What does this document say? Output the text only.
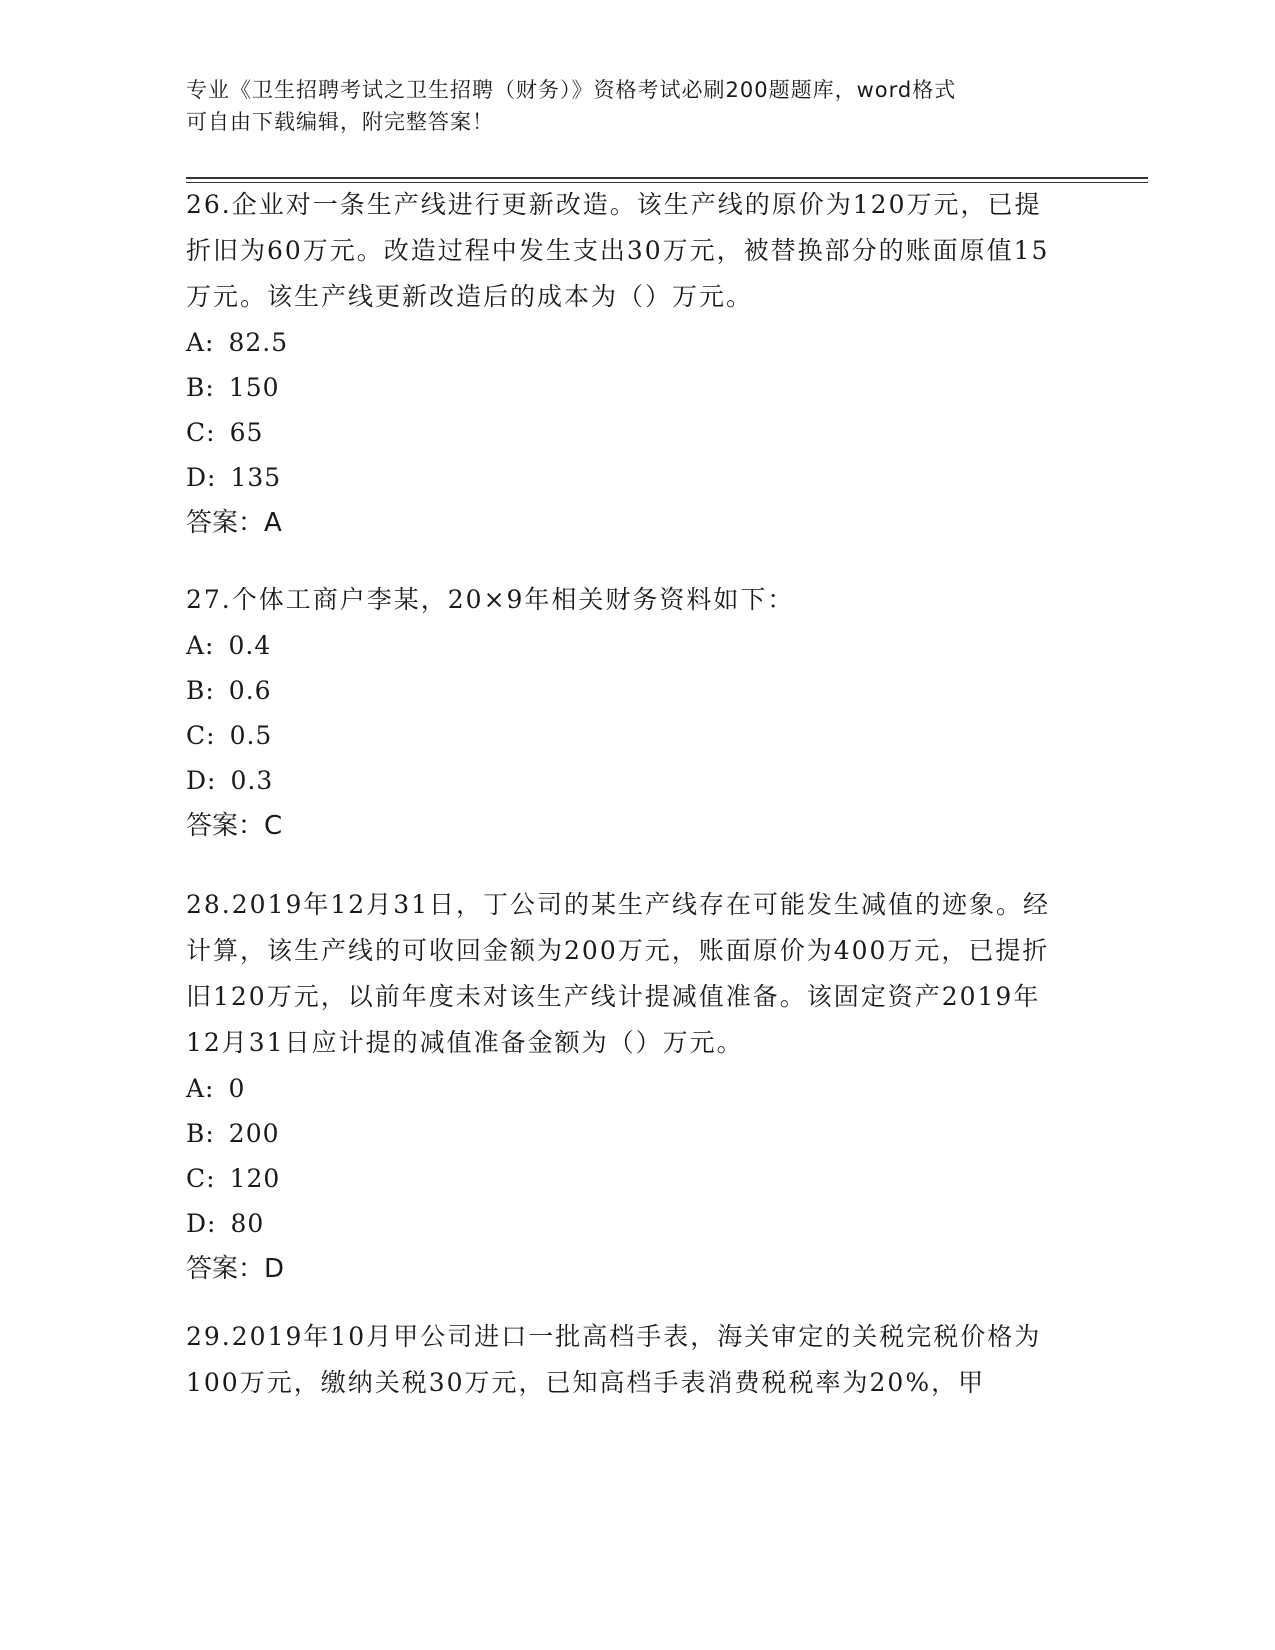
专业《卫生招聘考试之卫生招聘（财务）》资格考试必刷200题题库，word格式
可自由下载编辑，附完整答案！

26.企业对一条生产线进行更新改造。该生产线的原价为120万元，已提折旧为60万元。改造过程中发生支出30万元，被替换部分的账面原值15万元。该生产线更新改造后的成本为（）万元。

A: 82.5

B: 150

C: 65

D: 135

答案：A

27.个体工商户李某，20×9年相关财务资料如下：

A: 0.4

B: 0.6

C: 0.5

D: 0.3

答案：C

28.2019年12月31日，丁公司的某生产线存在可能发生减值的迹象。经计算，该生产线的可收回金额为200万元，账面原价为400万元，已提折旧120万元，以前年度未对该生产线计提减值准备。该固定资产2019年12月31日应计提的减值准备金额为（）万元。

A: 0

B: 200

C: 120

D: 80

答案：D

29.2019年10月甲公司进口一批高档手表，海关审定的关税完税价格为100万元，缴纳关税30万元，已知高档手表消费税税率为20%，甲
